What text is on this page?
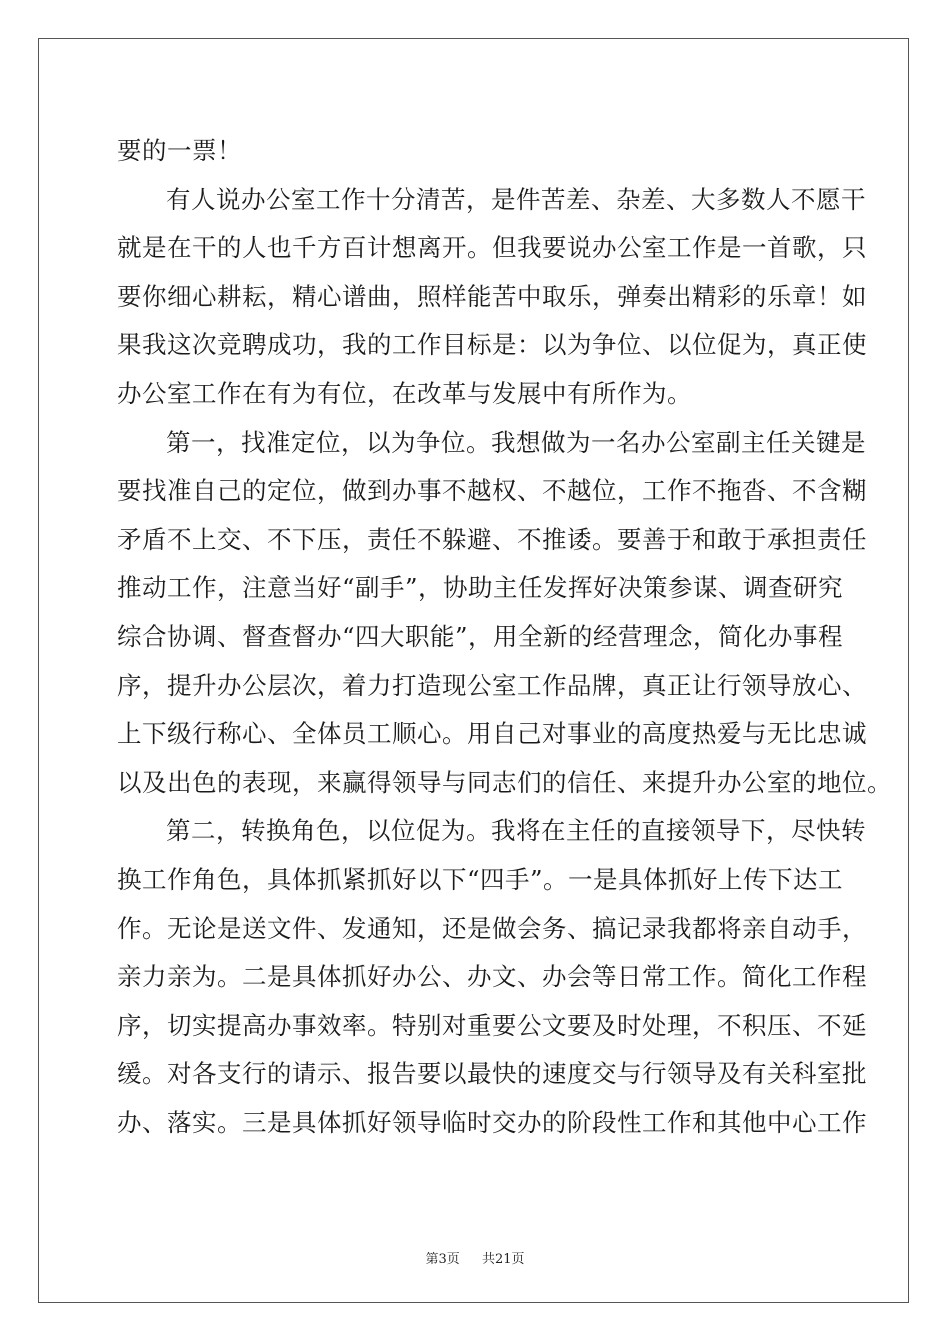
要的一票！
有人说办公室工作十分清苦，是件苦差、杂差、大多数人不愿干
就是在干的人也千方百计想离开。但我要说办公室工作是一首歌，只
要你细心耕耘，精心谱曲，照样能苦中取乐，弹奏出精彩的乐章！如
果我这次竞聘成功，我的工作目标是：以为争位、以位促为，真正使
办公室工作在有为有位，在改革与发展中有所作为。
第一，找准定位，以为争位。我想做为一名办公室副主任关键是
要找准自己的定位，做到办事不越权、不越位，工作不拖沓、不含糊
矛盾不上交、不下压，责任不躲避、不推诿。要善于和敢于承担责任
推动工作，注意当好“副手”，协助主任发挥好决策参谋、调查研究
综合协调、督查督办“四大职能”，用全新的经营理念，简化办事程
序，提升办公层次，着力打造现公室工作品牌，真正让行领导放心、
上下级行称心、全体员工顺心。用自己对事业的高度热爱与无比忠诚
以及出色的表现，来赢得领导与同志们的信任、来提升办公室的地位。
第二，转换角色，以位促为。我将在主任的直接领导下，尽快转
换工作角色，具体抓紧抓好以下“四手”。一是具体抓好上传下达工
作。无论是送文件、发通知，还是做会务、搞记录我都将亲自动手，
亲力亲为。二是具体抓好办公、办文、办会等日常工作。简化工作程
序，切实提高办事效率。特别对重要公文要及时处理，不积压、不延
缓。对各支行的请示、报告要以最快的速度交与行领导及有关科室批
办、落实。三是具体抓好领导临时交办的阶段性工作和其他中心工作
第3页 共21页
